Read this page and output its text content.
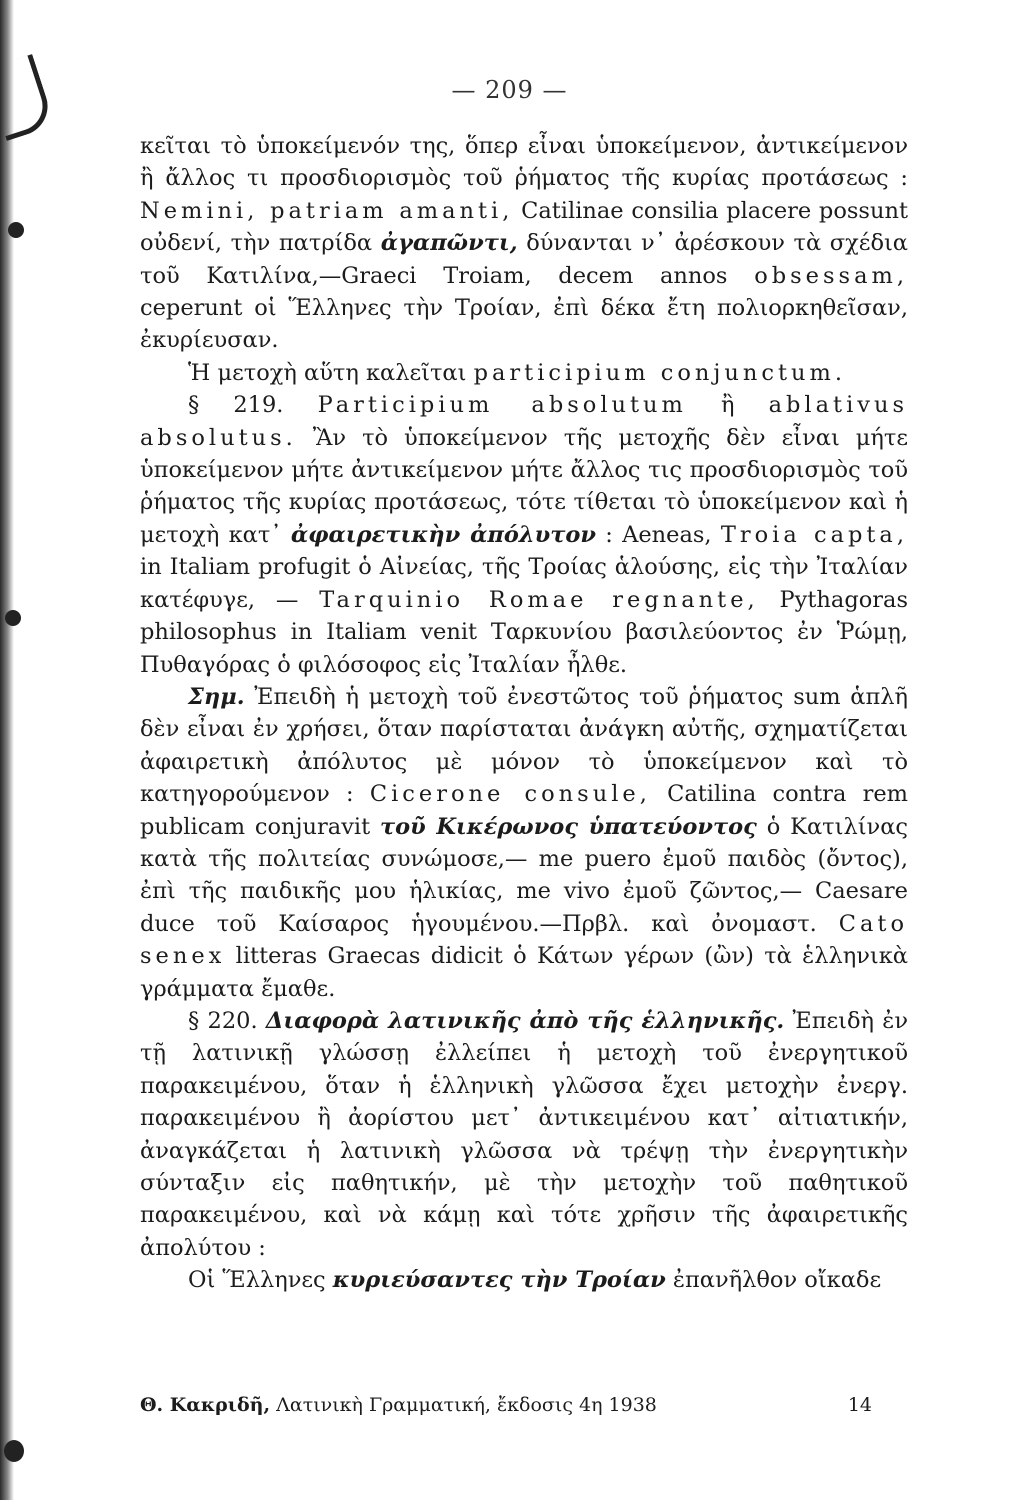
— 209 —

κεῖται τὸ ὑποκείμενόν της, ὅπερ εἶναι ὑποκείμενον, ἀντικείμενον ἢ ἄλλος τι προσδιορισμὸς τοῦ ῥήματος τῆς κυρίας προτάσεως : Nemini, patriam amanti, Catilinae consilia placere possunt οὐδενί, τὴν πατρίδα ἀγαπῶντι, δύνανται ν᾽ ἀρέσκουν τὰ σχέδια τοῦ Κατιλίνα,—Graeci Troiam, decem annos obsessam, ceperunt οἱ Ἕλληνες τὴν Τροίαν, ἐπὶ δέκα ἔτη πολιορκηθεῖσαν, ἐκυρίευσαν.

Ἡ μετοχὴ αὕτη καλεῖται participium conjunctum.

§ 219. Participium absolutum ἢ ablativus absolutus. Ἂν τὸ ὑποκείμενον τῆς μετοχῆς δὲν εἶναι μήτε ὑποκείμενον μήτε ἀντικείμενον μήτε ἄλλος τις προσδιορισμὸς τοῦ ῥήματος τῆς κυρίας προτάσεως, τότε τίθεται τὸ ὑποκείμενον καὶ ἡ μετοχὴ κατ᾽ ἀφαιρετικὴν ἀπόλυτον : Aeneas, Troia capta, in Italiam profugit ὁ Αἰνείας, τῆς Τροίας ἁλούσης, εἰς τὴν Ἰταλίαν κατέφυγε, — Tarquinio Romae regnante, Pythagoras philosophus in Italiam venit Ταρκυνίου βασιλεύοντος ἐν Ῥώμῃ, Πυθαγόρας ὁ φιλόσοφος εἰς Ἰταλίαν ἦλθε.

Σημ. Ἐπειδὴ ἡ μετοχὴ τοῦ ἐνεστῶτος τοῦ ῥήματος sum ἁπλῆ δὲν εἶναι ἐν χρήσει, ὅταν παρίσταται ἀνάγκη αὐτῆς, σχηματίζεται ἀφαιρετικὴ ἀπόλυτος μὲ μόνον τὸ ὑποκείμενον καὶ τὸ κατηγορούμενον : Cicerone consule, Catilina contra rem publicam conjuravit τοῦ Κικέρωνος ὑπατεύοντος ὁ Κατιλίνας κατὰ τῆς πολιτείας συνώμοσε,— me puero ἐμοῦ παιδὸς (ὄντος), ἐπὶ τῆς παιδικῆς μου ἡλικίας, me vivo ἐμοῦ ζῶντος,— Caesare duce τοῦ Καίσαρος ἡγουμένου.—Πρβλ. καὶ ὀνομαστ. Cato senex litteras Graecas didicit ὁ Κάτων γέρων (ὢν) τὰ ἑλληνικὰ γράμματα ἔμαθε.

§ 220. Διαφορὰ λατινικῆς ἀπὸ τῆς ἑλληνικῆς. Ἐπειδὴ ἐν τῇ λατινικῇ γλώσσῃ ἐλλείπει ἡ μετοχὴ τοῦ ἐνεργητικοῦ παρακειμένου, ὅταν ἡ ἑλληνικὴ γλῶσσα ἔχει μετοχὴν ἐνεργ. παρακειμένου ἢ ἀορίστου μετ᾽ ἀντικειμένου κατ᾽ αἰτιατικήν, ἀναγκάζεται ἡ λατινικὴ γλῶσσα νὰ τρέψῃ τὴν ἐνεργητικὴν σύνταξιν εἰς παθητικήν, μὲ τὴν μετοχὴν τοῦ παθητικοῦ παρακειμένου, καὶ νὰ κάμῃ καὶ τότε χρῆσιν τῆς ἀφαιρετικῆς ἀπολύτου :

Οἱ Ἕλληνες κυριεύσαντες τὴν Τροίαν ἐπανῆλθον οἴκαδε

Θ. Κακριδῆ, Λατινικὴ Γραμματική, ἔκδοσις 4η 1938	14
